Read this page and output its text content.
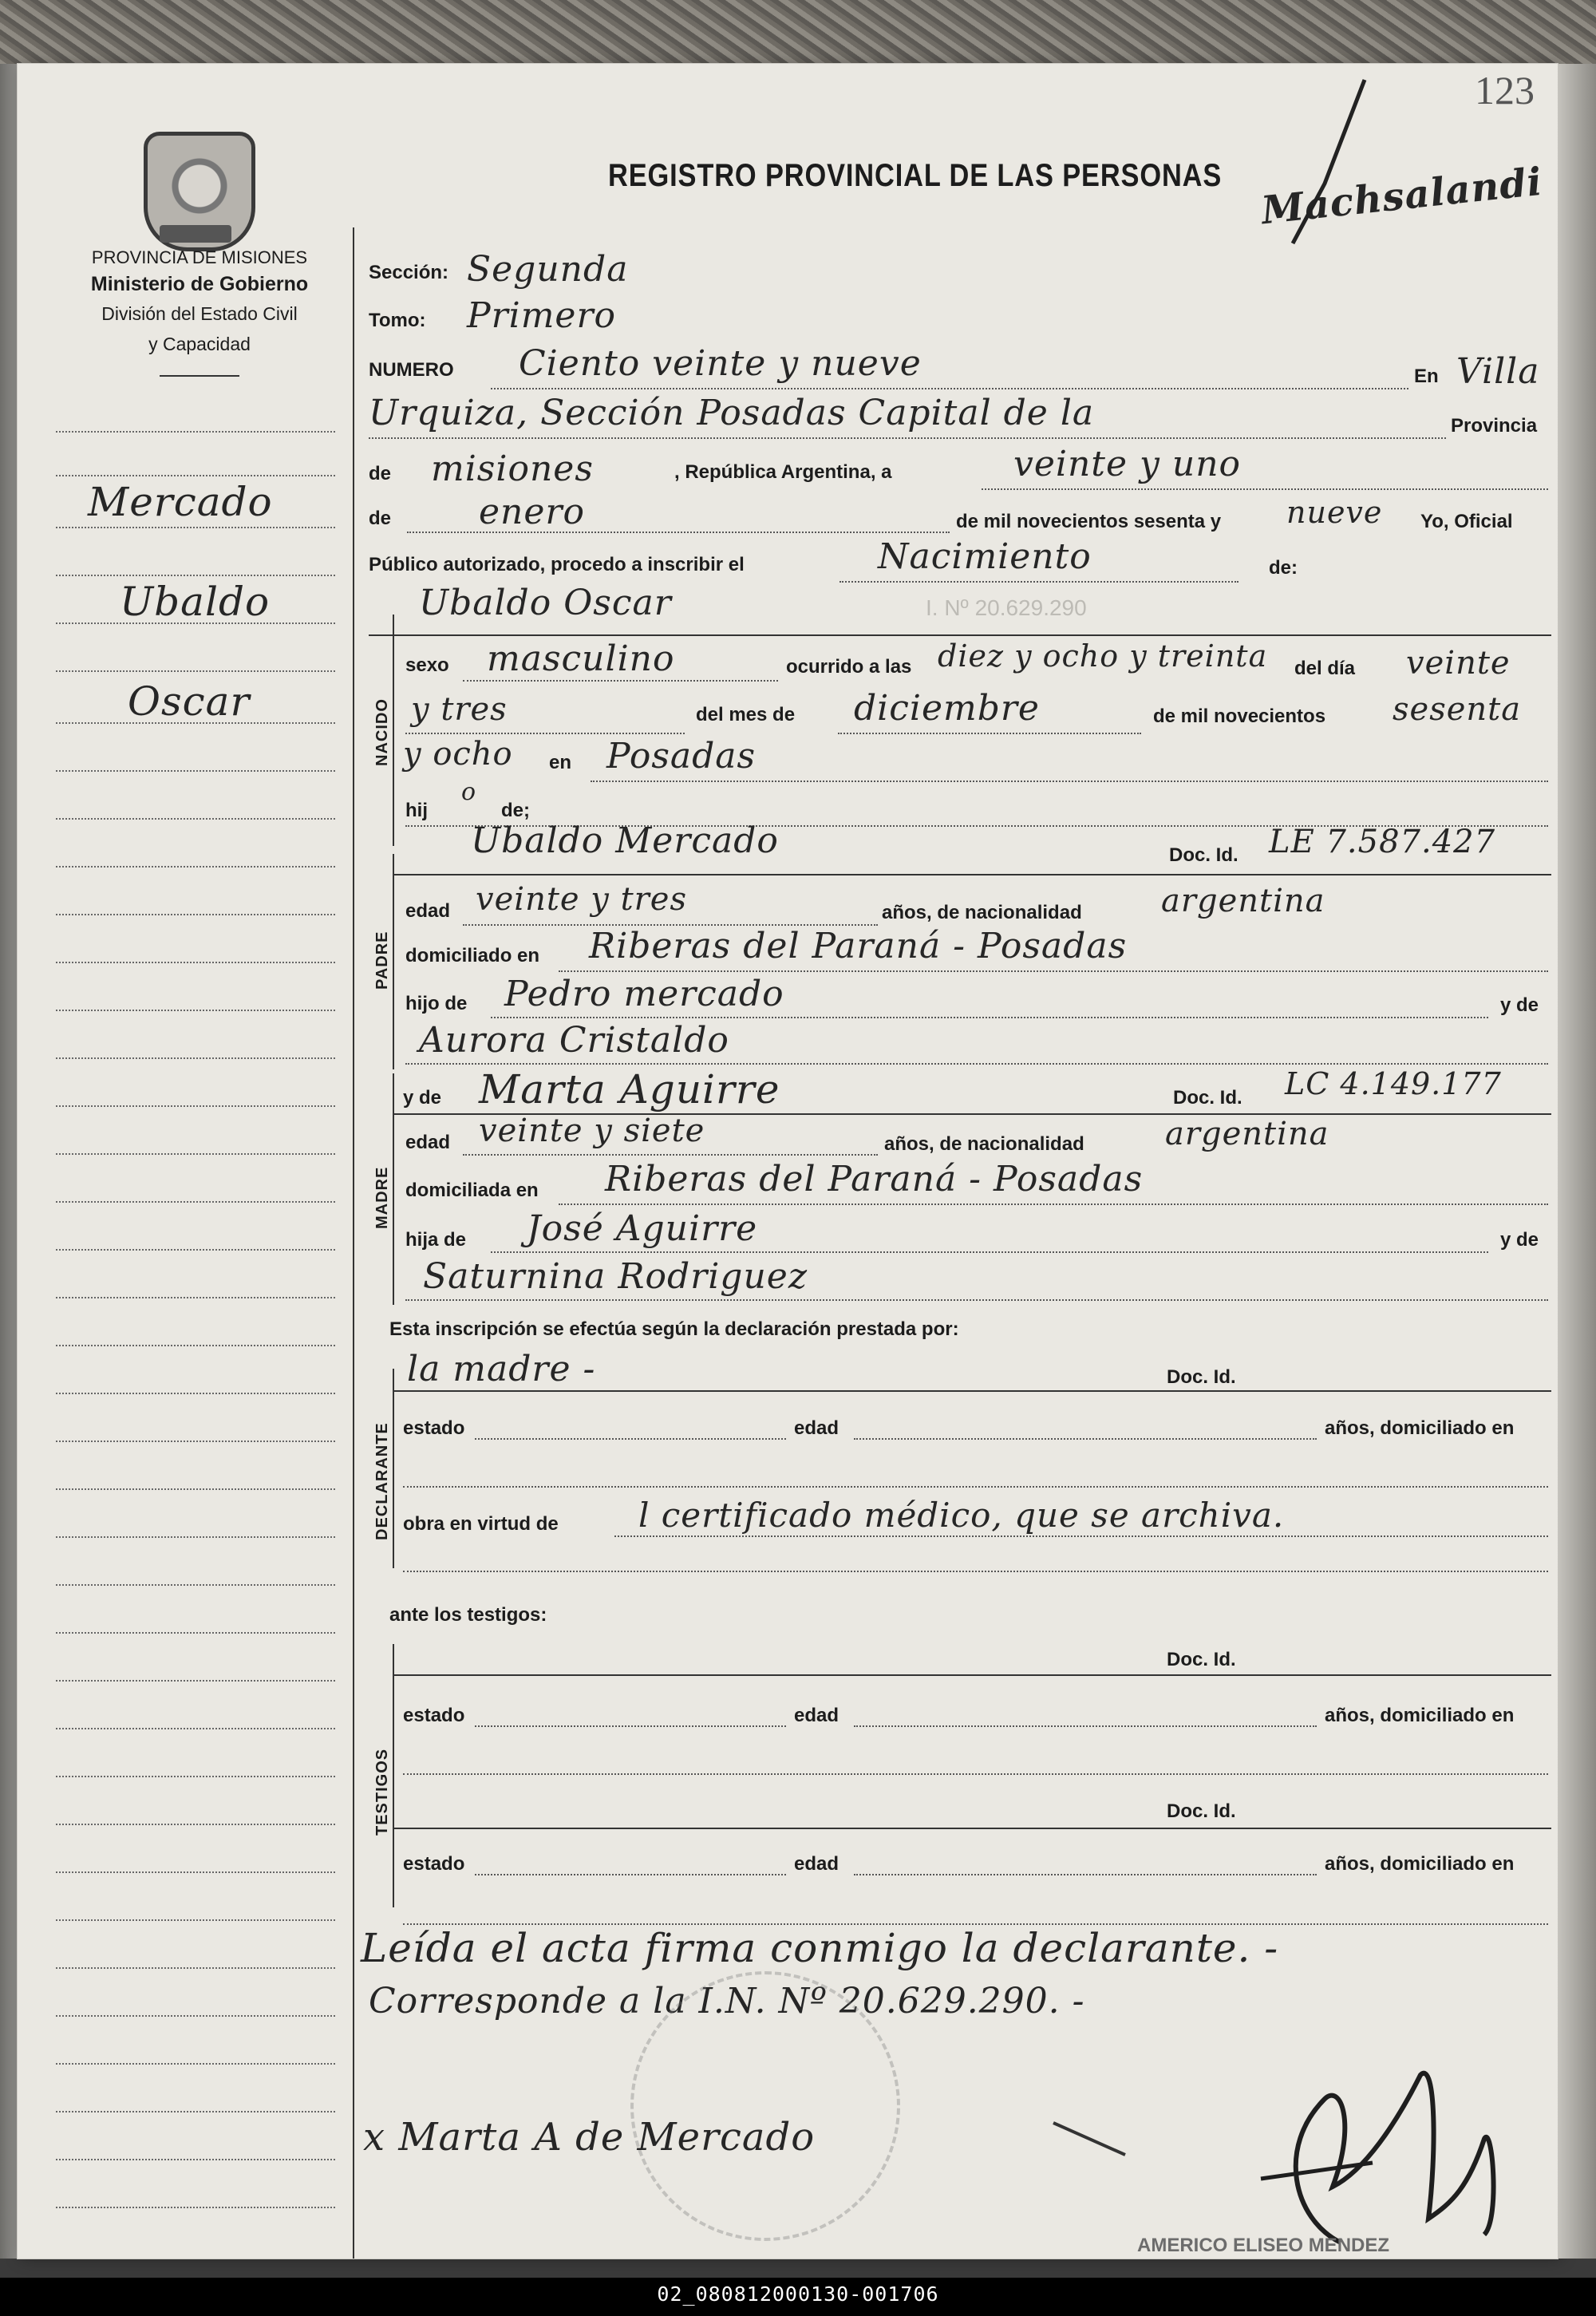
123
REGISTRO PROVINCIAL DE LAS PERSONAS Machsalandi
PROVINCIA DE MISIONES
Ministerio de Gobierno
División del Estado Civil
y Capacidad
Mercado
Ubaldo
Oscar
Sección: Segunda
Tomo: Primero
NUMERO Ciento veinte y nueve	En Villa
Urquiza, Sección Posadas Capital de la	Provincia
de misiones	, República Argentina, a	veinte y uno
de enero	de mil novecientos sesenta y nueve Yo, Oficial
Público autorizado, procedo a inscribir el	Nacimiento	de:
Ubaldo Oscar	I. Nº 20.629.290
NACIDO
sexo masculino	ocurrido a las diez y ocho y treinta del día veinte
y tres	del mes de diciembre	de mil novecientos sesenta
y ocho en Posadas
hij
o
de;
Ubaldo Mercado	Doc. Id. LE 7.587.427
PADRE
edad veinte y tres	años, de nacionalidad argentina
domiciliado en Riberas del Paraná - Posadas
hijo de Pedro mercado	y de
Aurora Cristaldo
y de Marta Aguirre	Doc. Id. LC 4.149.177
MADRE
edad veinte y siete	años, de nacionalidad	argentina
domiciliada en Riberas del Paraná - Posadas
hija de José Aguirre	y de
Saturnina Rodriguez
Esta inscripción se efectúa según la declaración prestada por:
la madre -	Doc. Id.
DECLARANTE estado	edad	años, domiciliado en
obra en virtud de l certificado médico, que se archiva.
ante los testigos:
Doc. Id.
TESTIGOS
estado	edad	años, domiciliado en
Doc. Id.
estado	edad	años, domiciliado en
Leída el acta firma conmigo la declarante. -
Corresponde a la I.N. Nº 20.629.290. -
x Marta A de Mercado
AMERICO ELISEO MENDEZ
02_080812000130-001706
